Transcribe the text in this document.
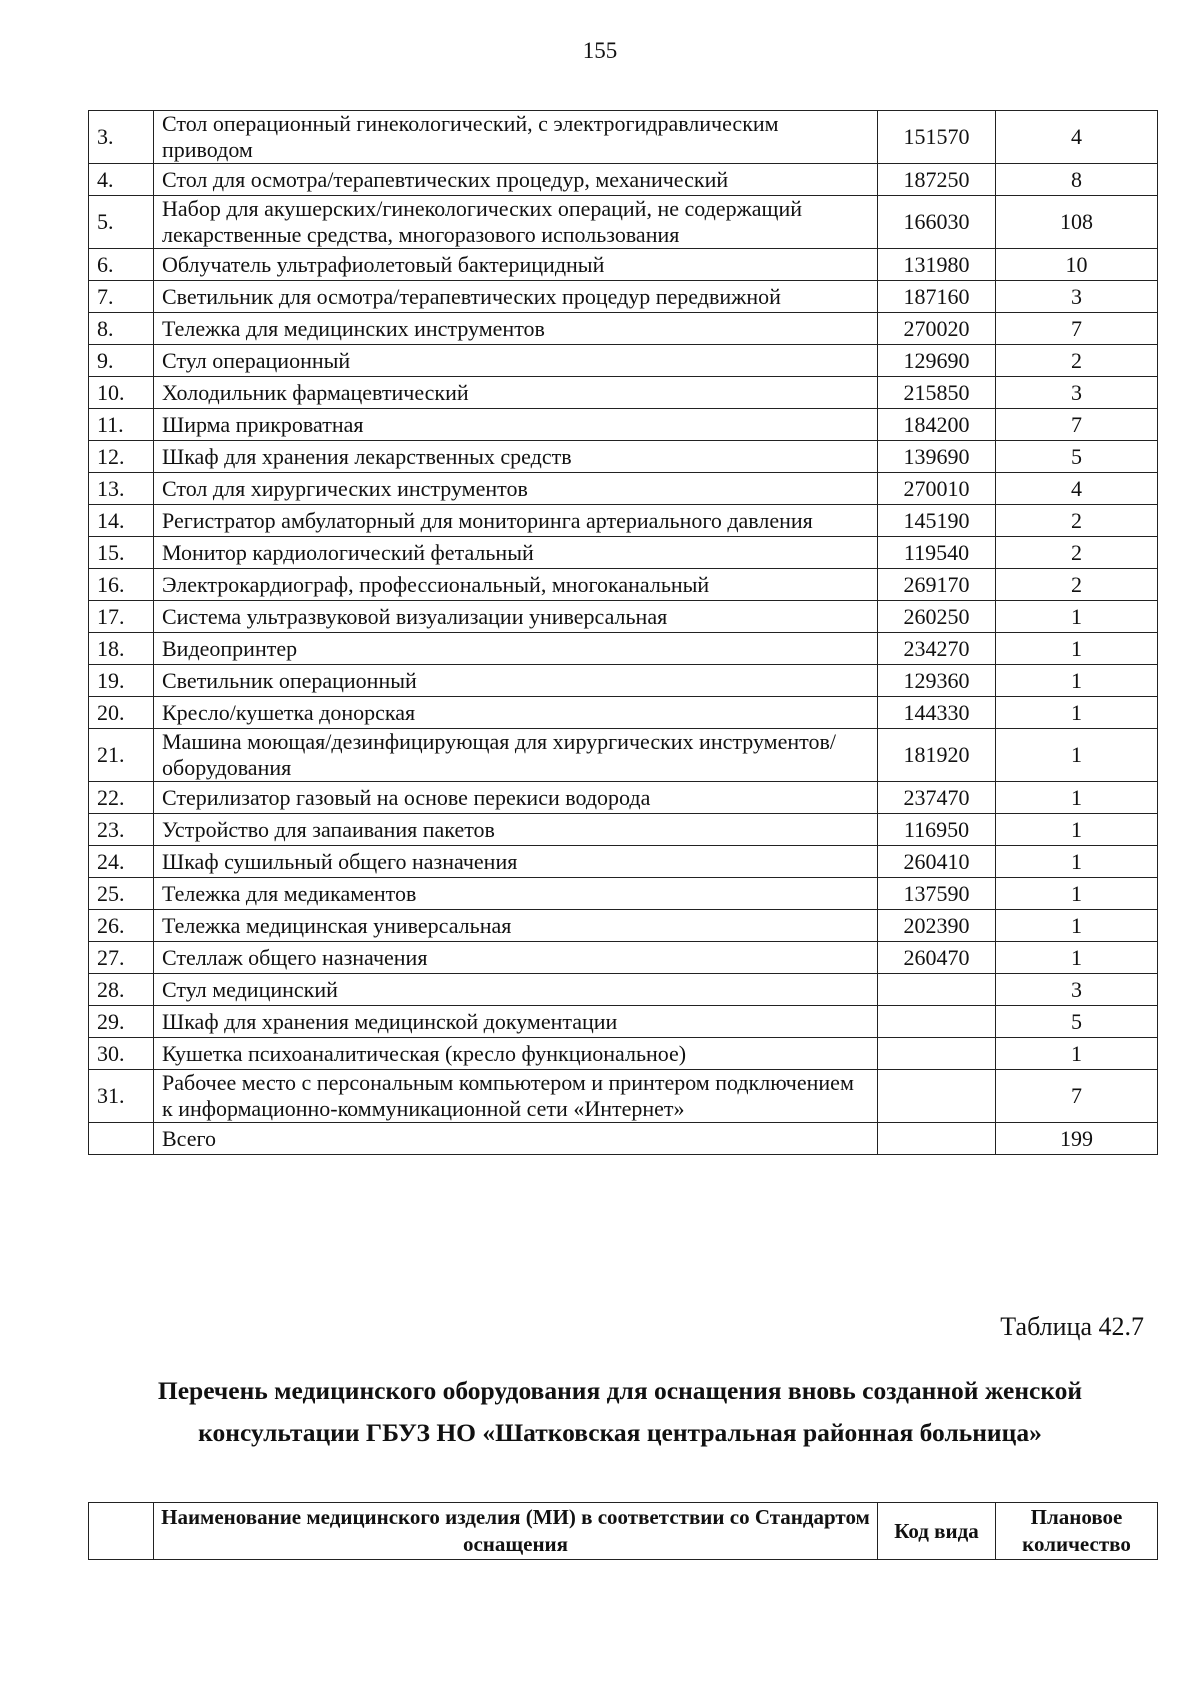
155
3.	Стол операционный гинекологический, с электрогидравлическим приводом	151570	4
4.	Стол для осмотра/терапевтических процедур, механический	187250	8
5.	Набор для акушерских/гинекологических операций, не содержащий лекарственные средства, многоразового использования	166030	108
6.	Облучатель ультрафиолетовый бактерицидный	131980	10
7.	Светильник для осмотра/терапевтических процедур передвижной	187160	3
8.	Тележка для медицинских инструментов	270020	7
9.	Стул операционный	129690	2
10.	Холодильник фармацевтический	215850	3
11.	Ширма прикроватная	184200	7
12.	Шкаф для хранения лекарственных средств	139690	5
13.	Стол для хирургических инструментов	270010	4
14.	Регистратор амбулаторный для мониторинга артериального давления	145190	2
15.	Монитор кардиологический фетальный	119540	2
16.	Электрокардиограф, профессиональный, многоканальный	269170	2
17.	Система ультразвуковой визуализации универсальная	260250	1
18.	Видеопринтер	234270	1
19.	Светильник операционный	129360	1
20.	Кресло/кушетка донорская	144330	1
21.	Машина моющая/дезинфицирующая для хирургических инструментов/оборудования	181920	1
22.	Стерилизатор газовый на основе перекиси водорода	237470	1
23.	Устройство для запаивания пакетов	116950	1
24.	Шкаф сушильный общего назначения	260410	1
25.	Тележка для медикаментов	137590	1
26.	Тележка медицинская универсальная	202390	1
27.	Стеллаж общего назначения	260470	1
28.	Стул медицинский		3
29.	Шкаф для хранения медицинской документации		5
30.	Кушетка психоаналитическая (кресло функциональное)		1
31.	Рабочее место с персональным компьютером и принтером подключением к информационно-коммуникационной сети «Интернет»		7
	Всего		199
Таблица 42.7
Перечень медицинского оборудования для оснащения вновь созданной женской консультации ГБУЗ НО «Шатковская центральная районная больница»
	Наименование медицинского изделия (МИ) в соответствии со Стандартом оснащения	Код вида	Плановое количество
